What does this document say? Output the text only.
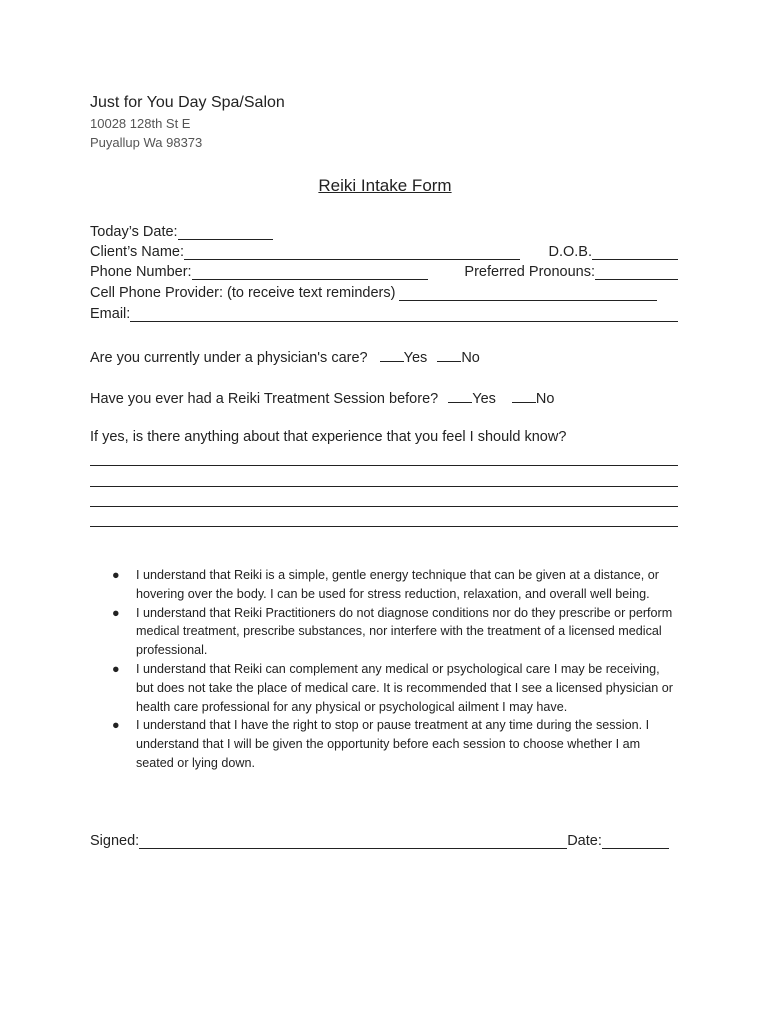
Just for You Day Spa/Salon
10028 128th St E
Puyallup Wa 98373
Reiki Intake Form
Today’s Date:
Client’s Name:	D.O.B.
Phone Number:	Preferred Pronouns:
Cell Phone Provider: (to receive text reminders)
Email:
Are you currently under a physician's care? Yes No
Have you ever had a Reiki Treatment Session before? Yes	No
If yes, is there anything about that experience that you feel I should know?
● I understand that Reiki is a simple, gentle energy technique that can be given at a distance, or hovering over the body. I can be used for stress reduction, relaxation, and overall well being.
● I understand that Reiki Practitioners do not diagnose conditions nor do they prescribe or perform medical treatment, prescribe substances, nor interfere with the treatment of a licensed medical professional.
● I understand that Reiki can complement any medical or psychological care I may be receiving, but does not take the place of medical care. It is recommended that I see a licensed physician or health care professional for any physical or psychological ailment I may have.
● I understand that I have the right to stop or pause treatment at any time during the session. I understand that I will be given the opportunity before each session to choose whether I am seated or lying down.
Signed:	Date:
